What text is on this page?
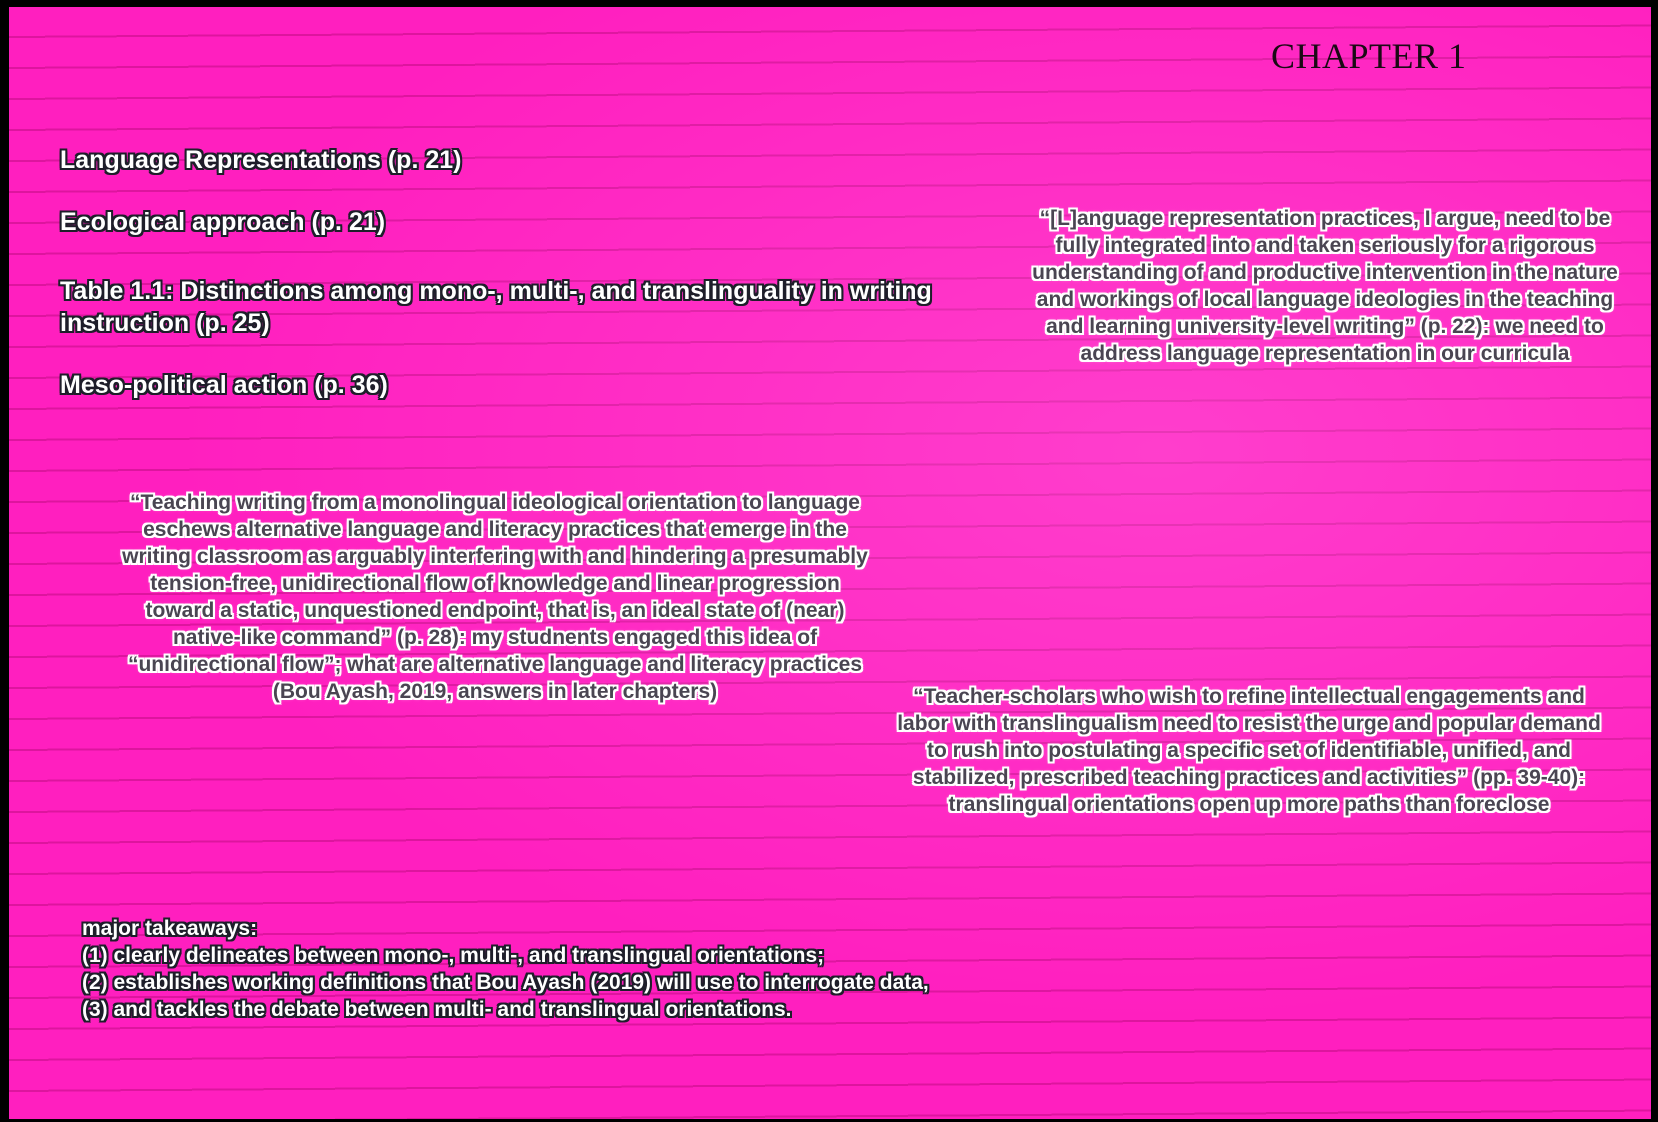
CHAPTER 1
Language Representations (p. 21)
Ecological approach (p. 21)
Table 1.1: Distinctions among mono-, multi-, and translinguality in writing instruction (p. 25)
Meso-political action (p. 36)
“[L]anguage representation practices, I argue, need to be fully integrated into and taken seriously for a rigorous understanding of and productive intervention in the nature and workings of local language ideologies in the teaching and learning university-level writing” (p. 22): we need to address language representation in our curricula
“Teaching writing from a monolingual ideological orientation to language eschews alternative language and literacy practices that emerge in the writing classroom as arguably interfering with and hindering a presumably tension-free, unidirectional flow of knowledge and linear progression toward a static, unquestioned endpoint, that is, an ideal state of (near) native-like command” (p. 28): my studnents engaged this idea of “unidirectional flow”; what are alternative language and literacy practices (Bou Ayash, 2019, answers in later chapters)	“Teacher-scholars who wish to refine intellectual engagements and labor with translingualism need to resist the urge and popular demand to rush into postulating a specific set of identifiable, unified, and stabilized, prescribed teaching practices and activities” (pp. 39-40): translingual orientations open up more paths than foreclose
major takeaways:
(1) clearly delineates between mono-, multi-, and translingual orientations;
(2) establishes working definitions that Bou Ayash (2019) will use to interrogate data,
(3) and tackles the debate between multi- and translingual orientations.
